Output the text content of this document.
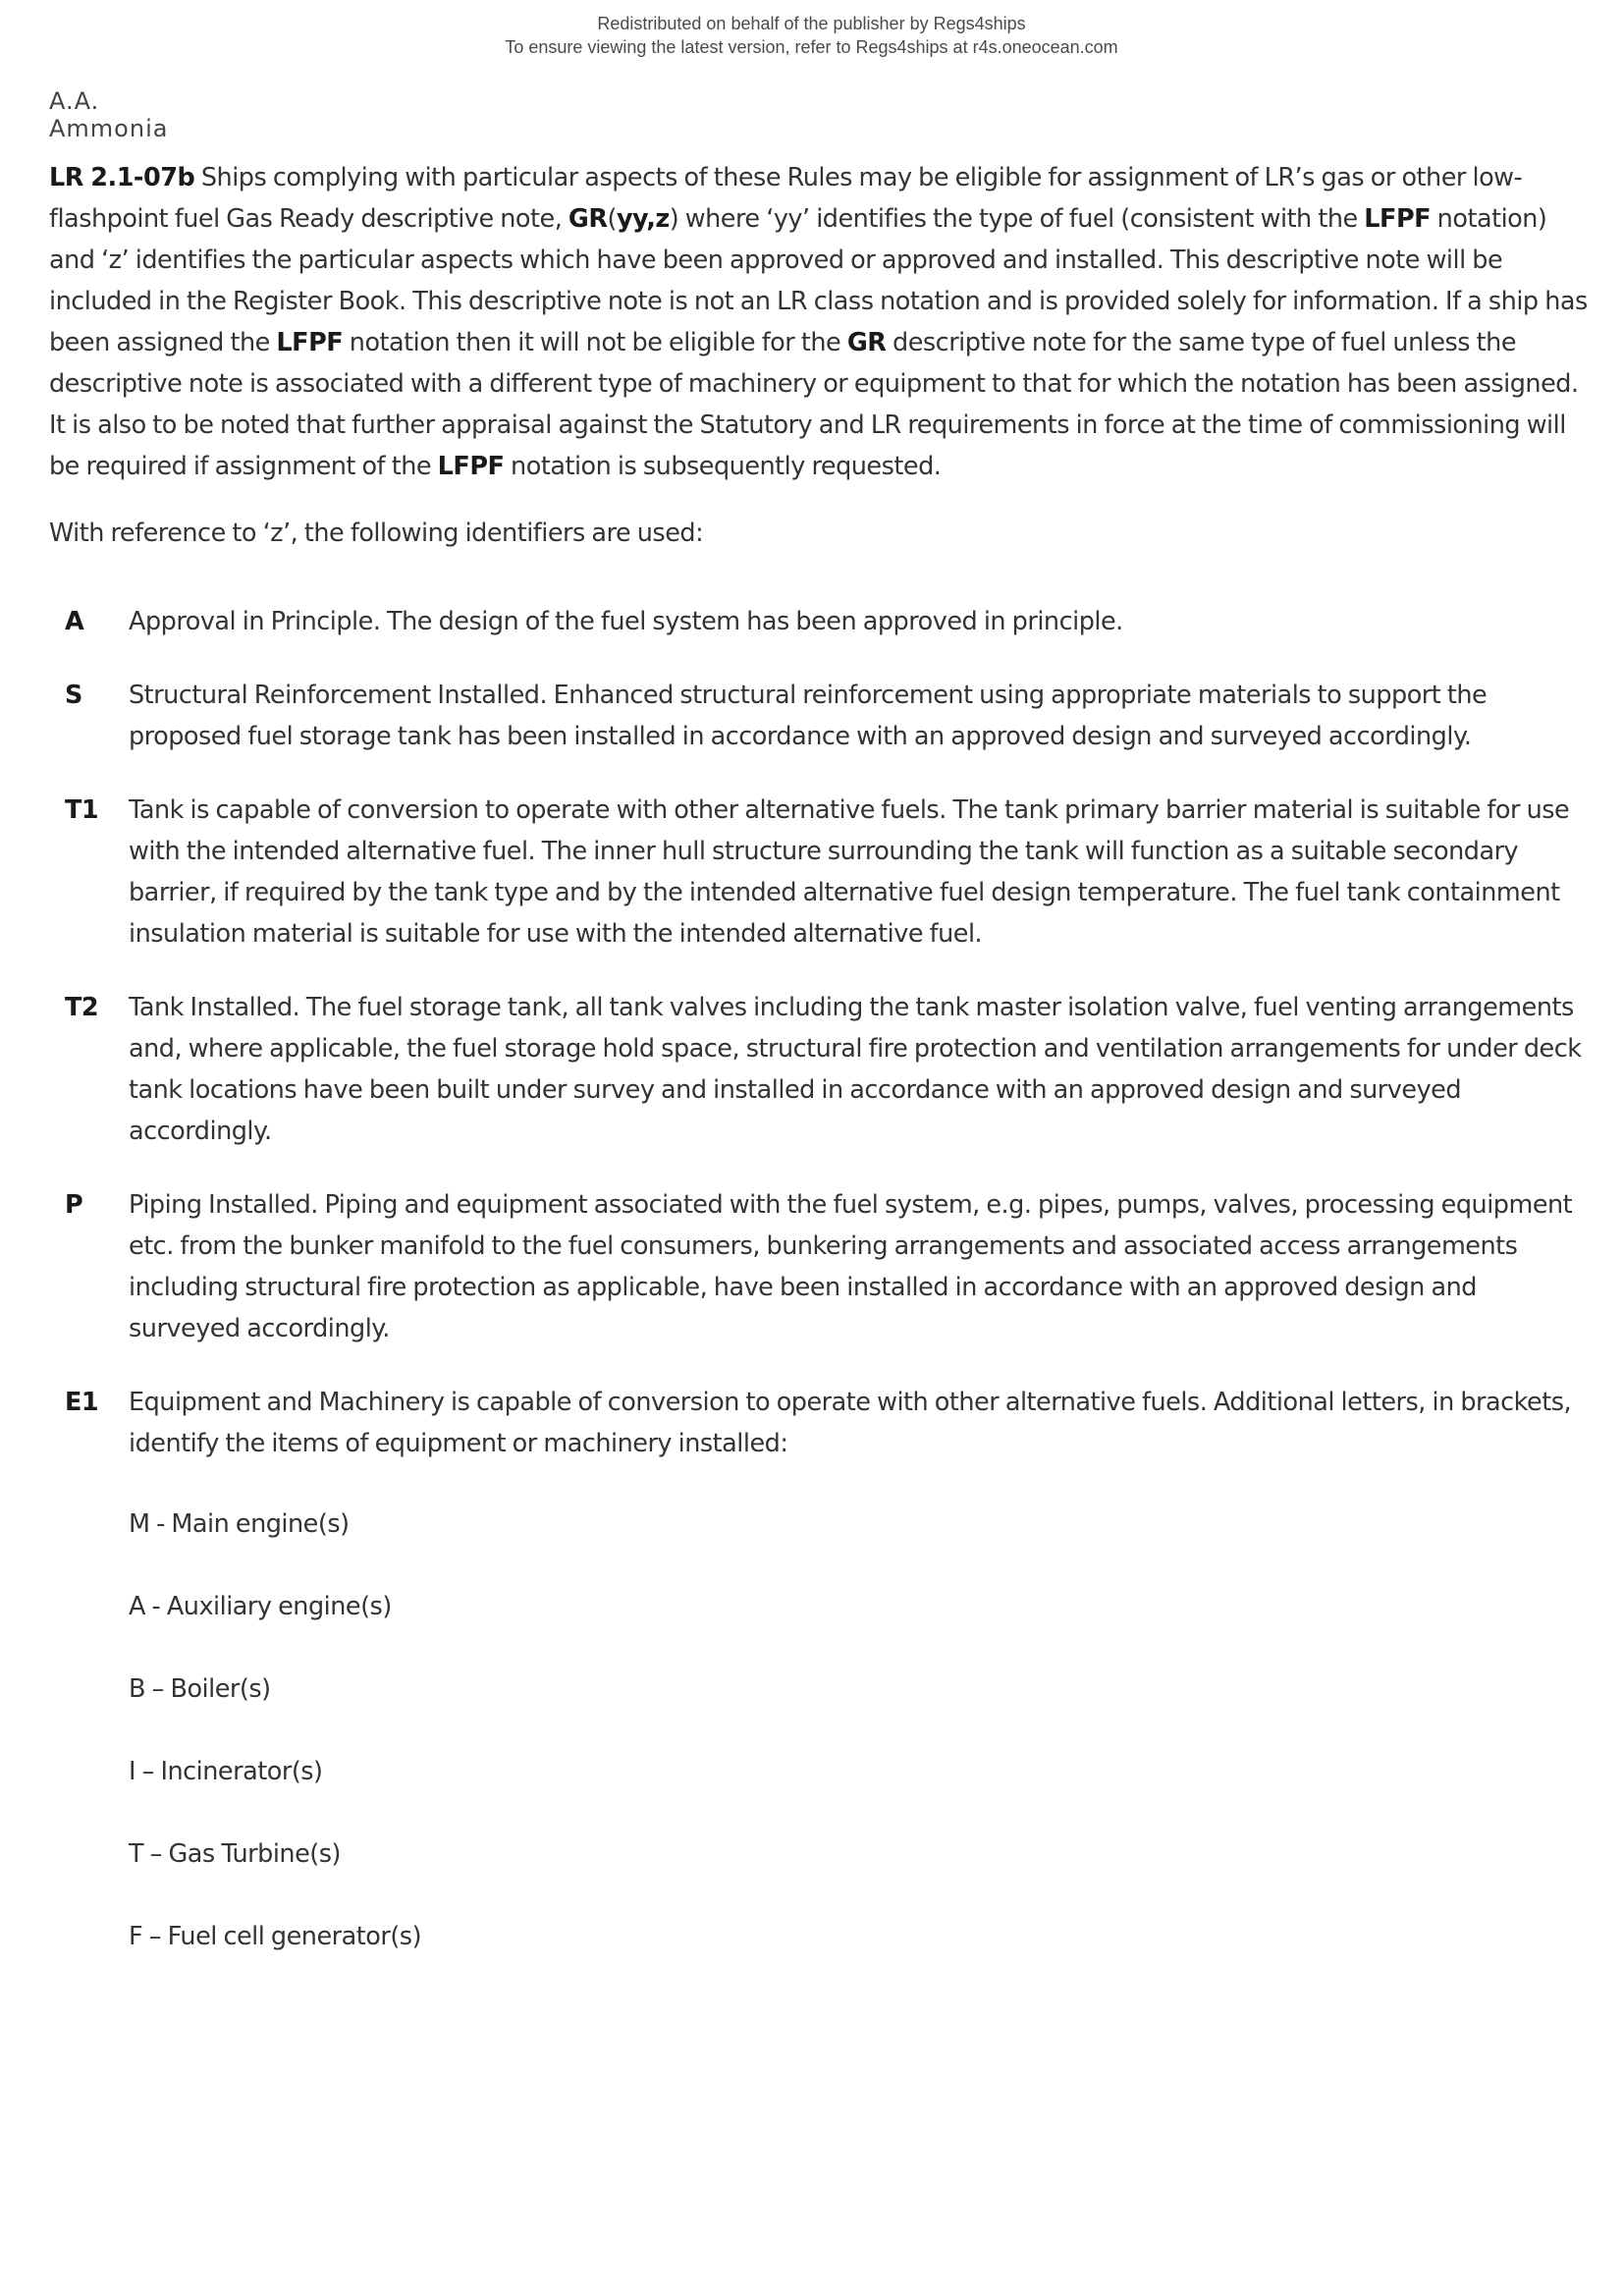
Redistributed on behalf of the publisher by Regs4ships
To ensure viewing the latest version, refer to Regs4ships at r4s.oneocean.com
A.A. Ammonia

LR 2.1-07b Ships complying with particular aspects of these Rules may be eligible for assignment of LR’s gas or other low-flashpoint fuel Gas Ready descriptive note, GR(yy,z) where ‘yy’ identifies the type of fuel (consistent with the LFPF notation) and ‘z’ identifies the particular aspects which have been approved or approved and installed. This descriptive note will be included in the Register Book. This descriptive note is not an LR class notation and is provided solely for information. If a ship has been assigned the LFPF notation then it will not be eligible for the GR descriptive note for the same type of fuel unless the descriptive note is associated with a different type of machinery or equipment to that for which the notation has been assigned. It is also to be noted that further appraisal against the Statutory and LR requirements in force at the time of commissioning will be required if assignment of the LFPF notation is subsequently requested.

With reference to ‘z’, the following identifiers are used:

A	Approval in Principle. The design of the fuel system has been approved in principle.
S	Structural Reinforcement Installed. Enhanced structural reinforcement using appropriate materials to support the proposed fuel storage tank has been installed in accordance with an approved design and surveyed accordingly.
T1	Tank is capable of conversion to operate with other alternative fuels. The tank primary barrier material is suitable for use with the intended alternative fuel. The inner hull structure surrounding the tank will function as a suitable secondary barrier, if required by the tank type and by the intended alternative fuel design temperature. The fuel tank containment insulation material is suitable for use with the intended alternative fuel.
T2	Tank Installed. The fuel storage tank, all tank valves including the tank master isolation valve, fuel venting arrangements and, where applicable, the fuel storage hold space, structural fire protection and ventilation arrangements for under deck tank locations have been built under survey and installed in accordance with an approved design and surveyed accordingly.
P	Piping Installed. Piping and equipment associated with the fuel system, e.g. pipes, pumps, valves, processing equipment etc. from the bunker manifold to the fuel consumers, bunkering arrangements and associated access arrangements including structural fire protection as applicable, have been installed in accordance with an approved design and surveyed accordingly.
E1	Equipment and Machinery is capable of conversion to operate with other alternative fuels. Additional letters, in brackets, identify the items of equipment or machinery installed:
M - Main engine(s)
A - Auxiliary engine(s)
B – Boiler(s)
I – Incinerator(s)
T – Gas Turbine(s)
F – Fuel cell generator(s)
